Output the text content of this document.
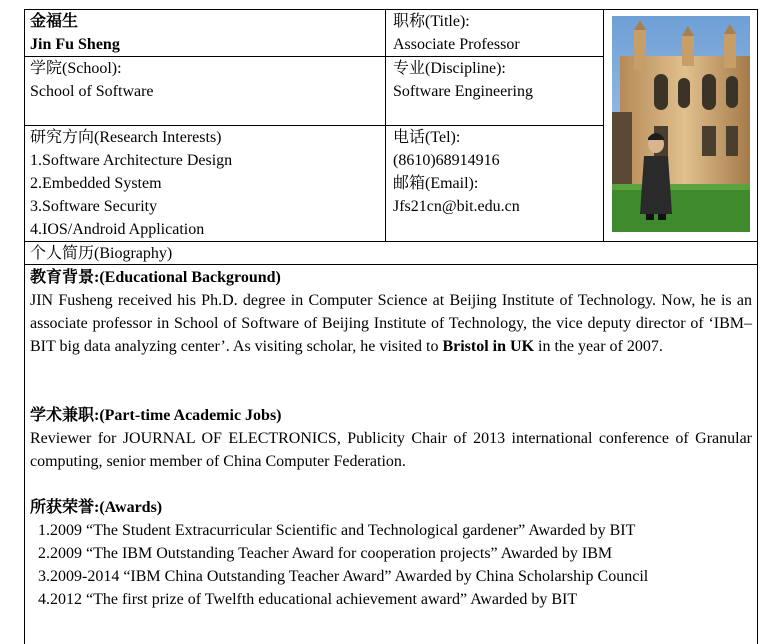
金福生
Jin Fu Sheng
职称(Title):
Associate Professor
学院(School):
School of Software
专业(Discipline):
Software Engineering
研究方向(Research Interests)
1.Software Architecture Design
2.Embedded System
3.Software Security
4.IOS/Android Application
电话(Tel):
(8610)68914916
邮箱(Email):
Jfs21cn@bit.edu.cn
个人简历(Biography)
教育背景:(Educational Background)
JIN Fusheng received his Ph.D. degree in Computer Science at Beijing Institute of Technology. Now, he is an associate professor in School of Software of Beijing Institute of Technology, the vice deputy director of ‘IBM–BIT big data analyzing center’. As visiting scholar, he visited to Bristol in UK in the year of 2007.
学术兼职:(Part-time Academic Jobs)
Reviewer for JOURNAL OF ELECTRONICS, Publicity Chair of 2013 international conference of Granular computing, senior member of China Computer Federation.
所获荣誉:(Awards)
1.2009 “The Student Extracurricular Scientific and Technological gardener” Awarded by BIT
2.2009 “The IBM Outstanding Teacher Award for cooperation projects” Awarded by IBM
3.2009-2014 “IBM China Outstanding Teacher Award” Awarded by China Scholarship Council
4.2012 “The first prize of Twelfth educational achievement award” Awarded by BIT
